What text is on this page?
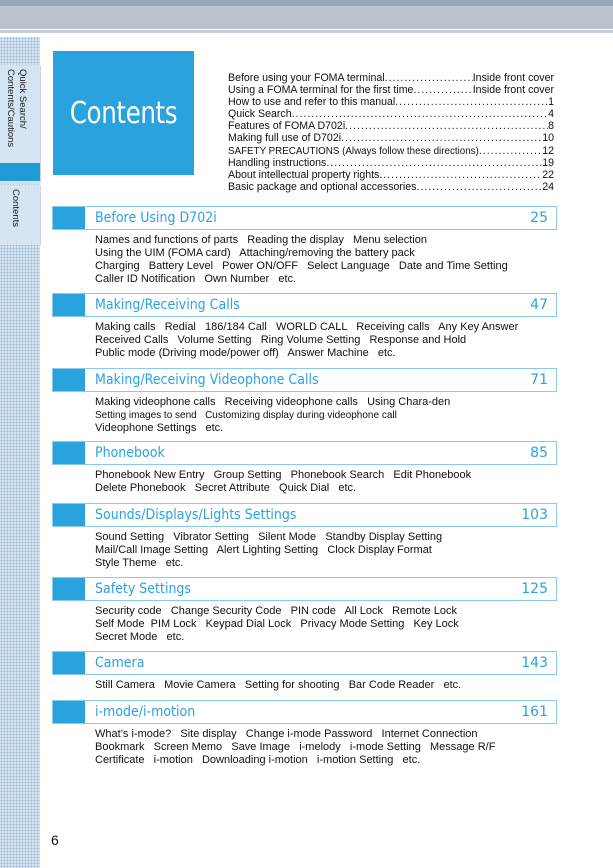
Quick Search/
Contents/Cautions
Contents
Contents
Before using your FOMA terminal .....	Inside front cover
Using a FOMA terminal for the first time .....	Inside front cover
How to use and refer to this manual .....	1
Quick Search .....	4
Features of FOMA D702i .....	8
Making full use of D702i .....	10
SAFETY PRECAUTIONS (Always follow these directions) .....	12
Handling instructions .....	19
About intellectual property rights .....	22
Basic package and optional accessories .....	24
Before Using D702i	25
Names and functions of parts   Reading the display   Menu selection
Using the UIM (FOMA card)   Attaching/removing the battery pack
Charging   Battery Level   Power ON/OFF   Select Language   Date and Time Setting
Caller ID Notification   Own Number   etc.
Making/Receiving Calls	47
Making calls   Redial   186/184 Call   WORLD CALL   Receiving calls   Any Key Answer
Received Calls   Volume Setting   Ring Volume Setting   Response and Hold
Public mode (Driving mode/power off)   Answer Machine   etc.
Making/Receiving Videophone Calls	71
Making videophone calls   Receiving videophone calls   Using Chara-den
Setting images to send   Customizing display during videophone call
Videophone Settings   etc.
Phonebook	85
Phonebook New Entry   Group Setting   Phonebook Search   Edit Phonebook
Delete Phonebook   Secret Attribute   Quick Dial   etc.
Sounds/Displays/Lights Settings	103
Sound Setting   Vibrator Setting   Silent Mode   Standby Display Setting
Mail/Call Image Setting   Alert Lighting Setting   Clock Display Format
Style Theme   etc.
Safety Settings	125
Security code   Change Security Code   PIN code   All Lock   Remote Lock
Self Mode  PIM Lock   Keypad Dial Lock   Privacy Mode Setting   Key Lock
Secret Mode   etc.
Camera	143
Still Camera   Movie Camera   Setting for shooting   Bar Code Reader   etc.
i-mode/i-motion	161
What’s i-mode?   Site display   Change i-mode Password   Internet Connection
Bookmark   Screen Memo   Save Image   i-melody   i-mode Setting   Message R/F
Certificate   i-motion   Downloading i-motion   i-motion Setting   etc.
6
